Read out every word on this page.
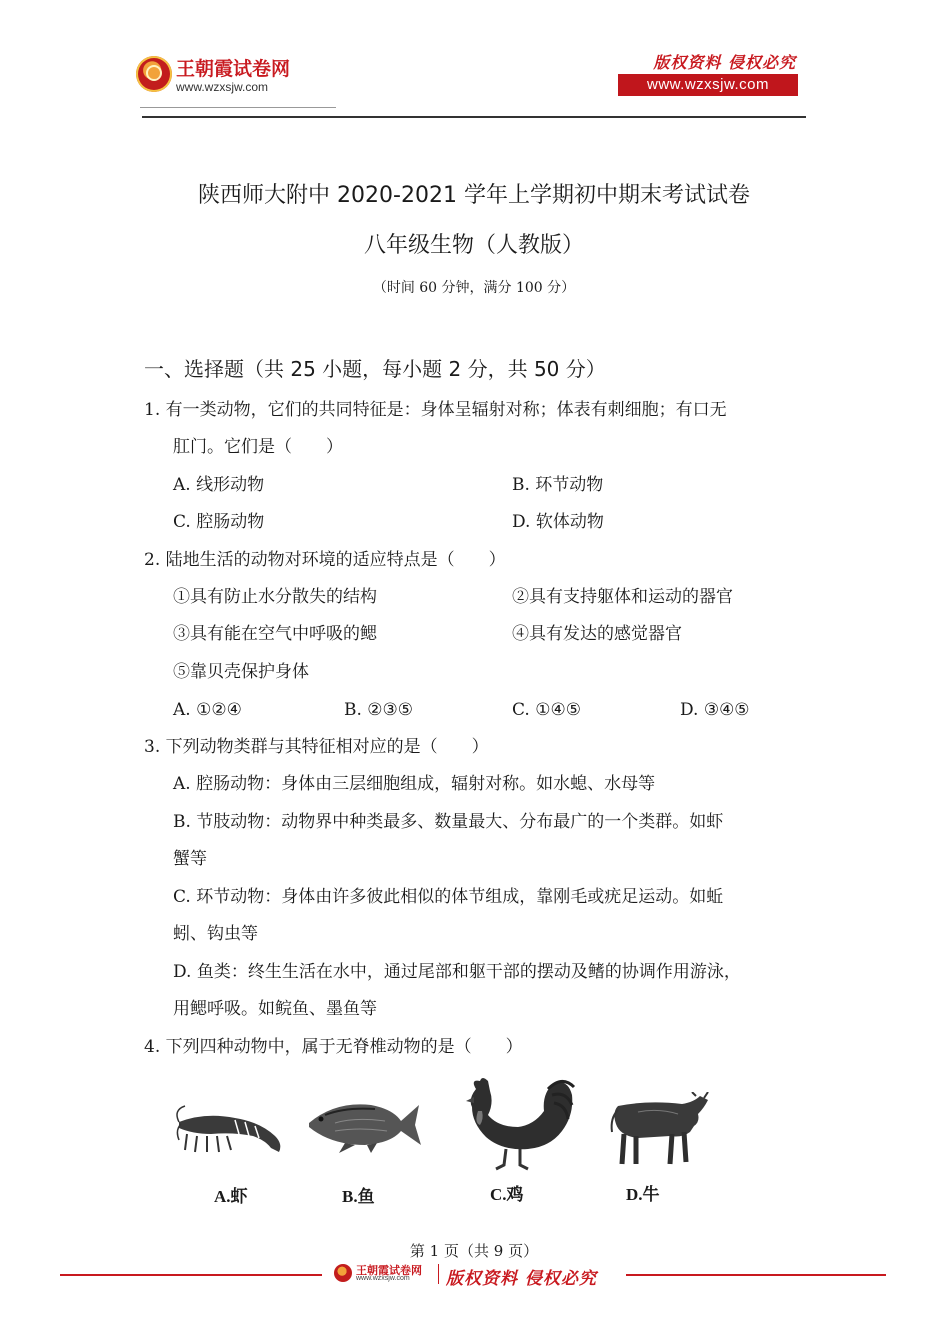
王朝霞试卷网
www.wzxsjw.com
版权资料 侵权必究
www.wzxsjw.com
陕西师大附中 2020-2021 学年上学期初中期末考试试卷
八年级生物（人教版）
（时间 60 分钟，满分 100 分）
一、选择题（共 25 小题，每小题 2 分，共 50 分）
1. 有一类动物，它们的共同特征是：身体呈辐射对称；体表有刺细胞；有口无
肛门。它们是（　　）
A. 线形动物	B. 环节动物
C. 腔肠动物	D. 软体动物
2. 陆地生活的动物对环境的适应特点是（　　）
①具有防止水分散失的结构	②具有支持躯体和运动的器官
③具有能在空气中呼吸的鳃	④具有发达的感觉器官
⑤靠贝壳保护身体
A. ①②④	B. ②③⑤	C. ①④⑤	D. ③④⑤
3. 下列动物类群与其特征相对应的是（　　）
A. 腔肠动物：身体由三层细胞组成，辐射对称。如水螅、水母等
B. 节肢动物：动物界中种类最多、数量最大、分布最广的一个类群。如虾
蟹等
C. 环节动物：身体由许多彼此相似的体节组成，靠刚毛或疣足运动。如蚯
蚓、钩虫等
D. 鱼类：终生生活在水中，通过尾部和躯干部的摆动及鳍的协调作用游泳，
用鳃呼吸。如鲩鱼、墨鱼等
4. 下列四种动物中，属于无脊椎动物的是（　　）
A.虾	B.鱼	C.鸡	D.牛
第 1 页（共 9 页）
王朝霞试卷网
www.wzxsjw.com 版权资料 侵权必究
